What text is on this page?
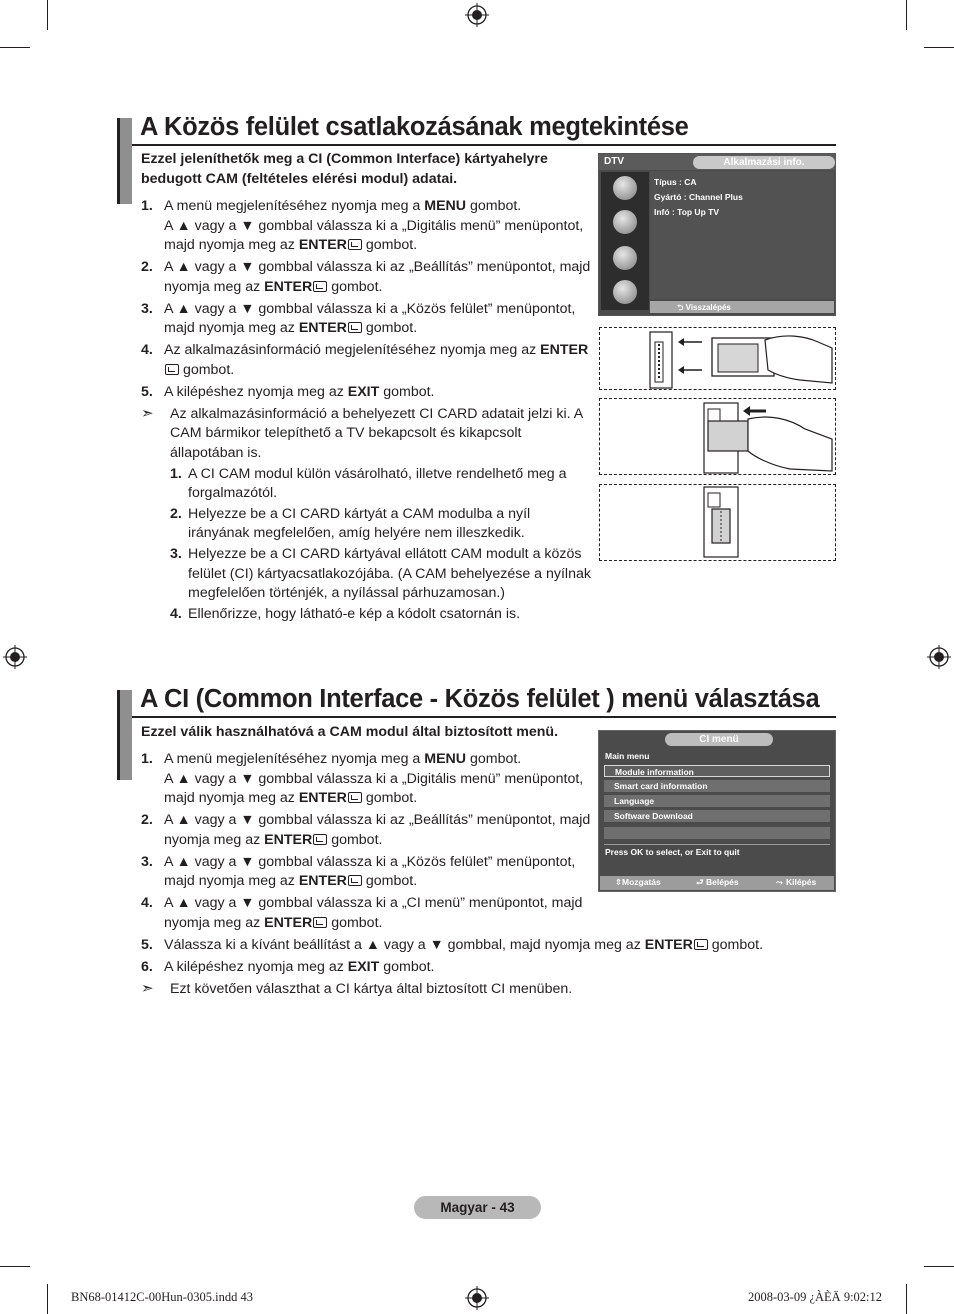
A Közös felület csatlakozásának megtekintése
Ezzel jeleníthetők meg a CI (Common Interface) kártyahelyre bedugott CAM (feltételes elérési modul) adatai.
1. A menü megjelenítéséhez nyomja meg a MENU gombot.
A ▲ vagy a ▼ gombbal válassza ki a „Digitális menü” menüpontot, majd nyomja meg az ENTER gombot.
2. A ▲ vagy a ▼ gombbal válassza ki az „Beállítás” menüpontot, majd nyomja meg az ENTER gombot.
3. A ▲ vagy a ▼ gombbal válassza ki a „Közös felület” menüpontot, majd nyomja meg az ENTER gombot.
4. Az alkalmazásinformáció megjelenítéséhez nyomja meg az ENTER gombot.
5. A kilépéshez nyomja meg az EXIT gombot.
➣	Az alkalmazásinformáció a behelyezett CI CARD adatait jelzi ki. A CAM bármikor telepíthető a TV bekapcsolt és kikapcsolt állapotában is.
1. A CI CAM modul külön vásárolható, illetve rendelhető meg a forgalmazótól.
2. Helyezze be a CI CARD kártyát a CAM modulba a nyíl irányának megfelelően, amíg helyére nem illeszkedik.
3. Helyezze be a CI CARD kártyával ellátott CAM modult a közös felület (CI) kártyacsatlakozójába. (A CAM behelyezése a nyílnak megfelelően történjék, a nyílással párhuzamosan.)
4. Ellenőrizze, hogy látható-e kép a kódolt csatornán is.
DTV	Alkalmazási info.
Típus : CA
Gyártó : Channel Plus
Infó : Top Up TV
⮌ Visszalépés
A CI (Common Interface - Közös felület ) menü választása
Ezzel válik használhatóvá a CAM modul által biztosított menü.
1. A menü megjelenítéséhez nyomja meg a MENU gombot.
A ▲ vagy a ▼ gombbal válassza ki a „Digitális menü” menüpontot, majd nyomja meg az ENTER gombot.
2. A ▲ vagy a ▼ gombbal válassza ki az „Beállítás” menüpontot, majd nyomja meg az ENTER gombot.
3. A ▲ vagy a ▼ gombbal válassza ki a „Közös felület” menüpontot, majd nyomja meg az ENTER gombot.
4. A ▲ vagy a ▼ gombbal válassza ki a „CI menü” menüpontot, majd nyomja meg az ENTER gombot.
5. Válassza ki a kívánt beállítást a ▲ vagy a ▼ gombbal, majd nyomja meg az ENTER gombot.
6. A kilépéshez nyomja meg az EXIT gombot.
➣	Ezt követően választhat a CI kártya által biztosított CI menüben.
CI menü
Main menu
Module information
Smart card information
Language
Software Download
Press OK to select, or Exit to quit
⇕ Mozgatás	⮐ Belépés	⤳ Kilépés
Magyar - 43
BN68-01412C-00Hun-0305.indd 43	2008-03-09 ¿ÀÈÄ 9:02:12
